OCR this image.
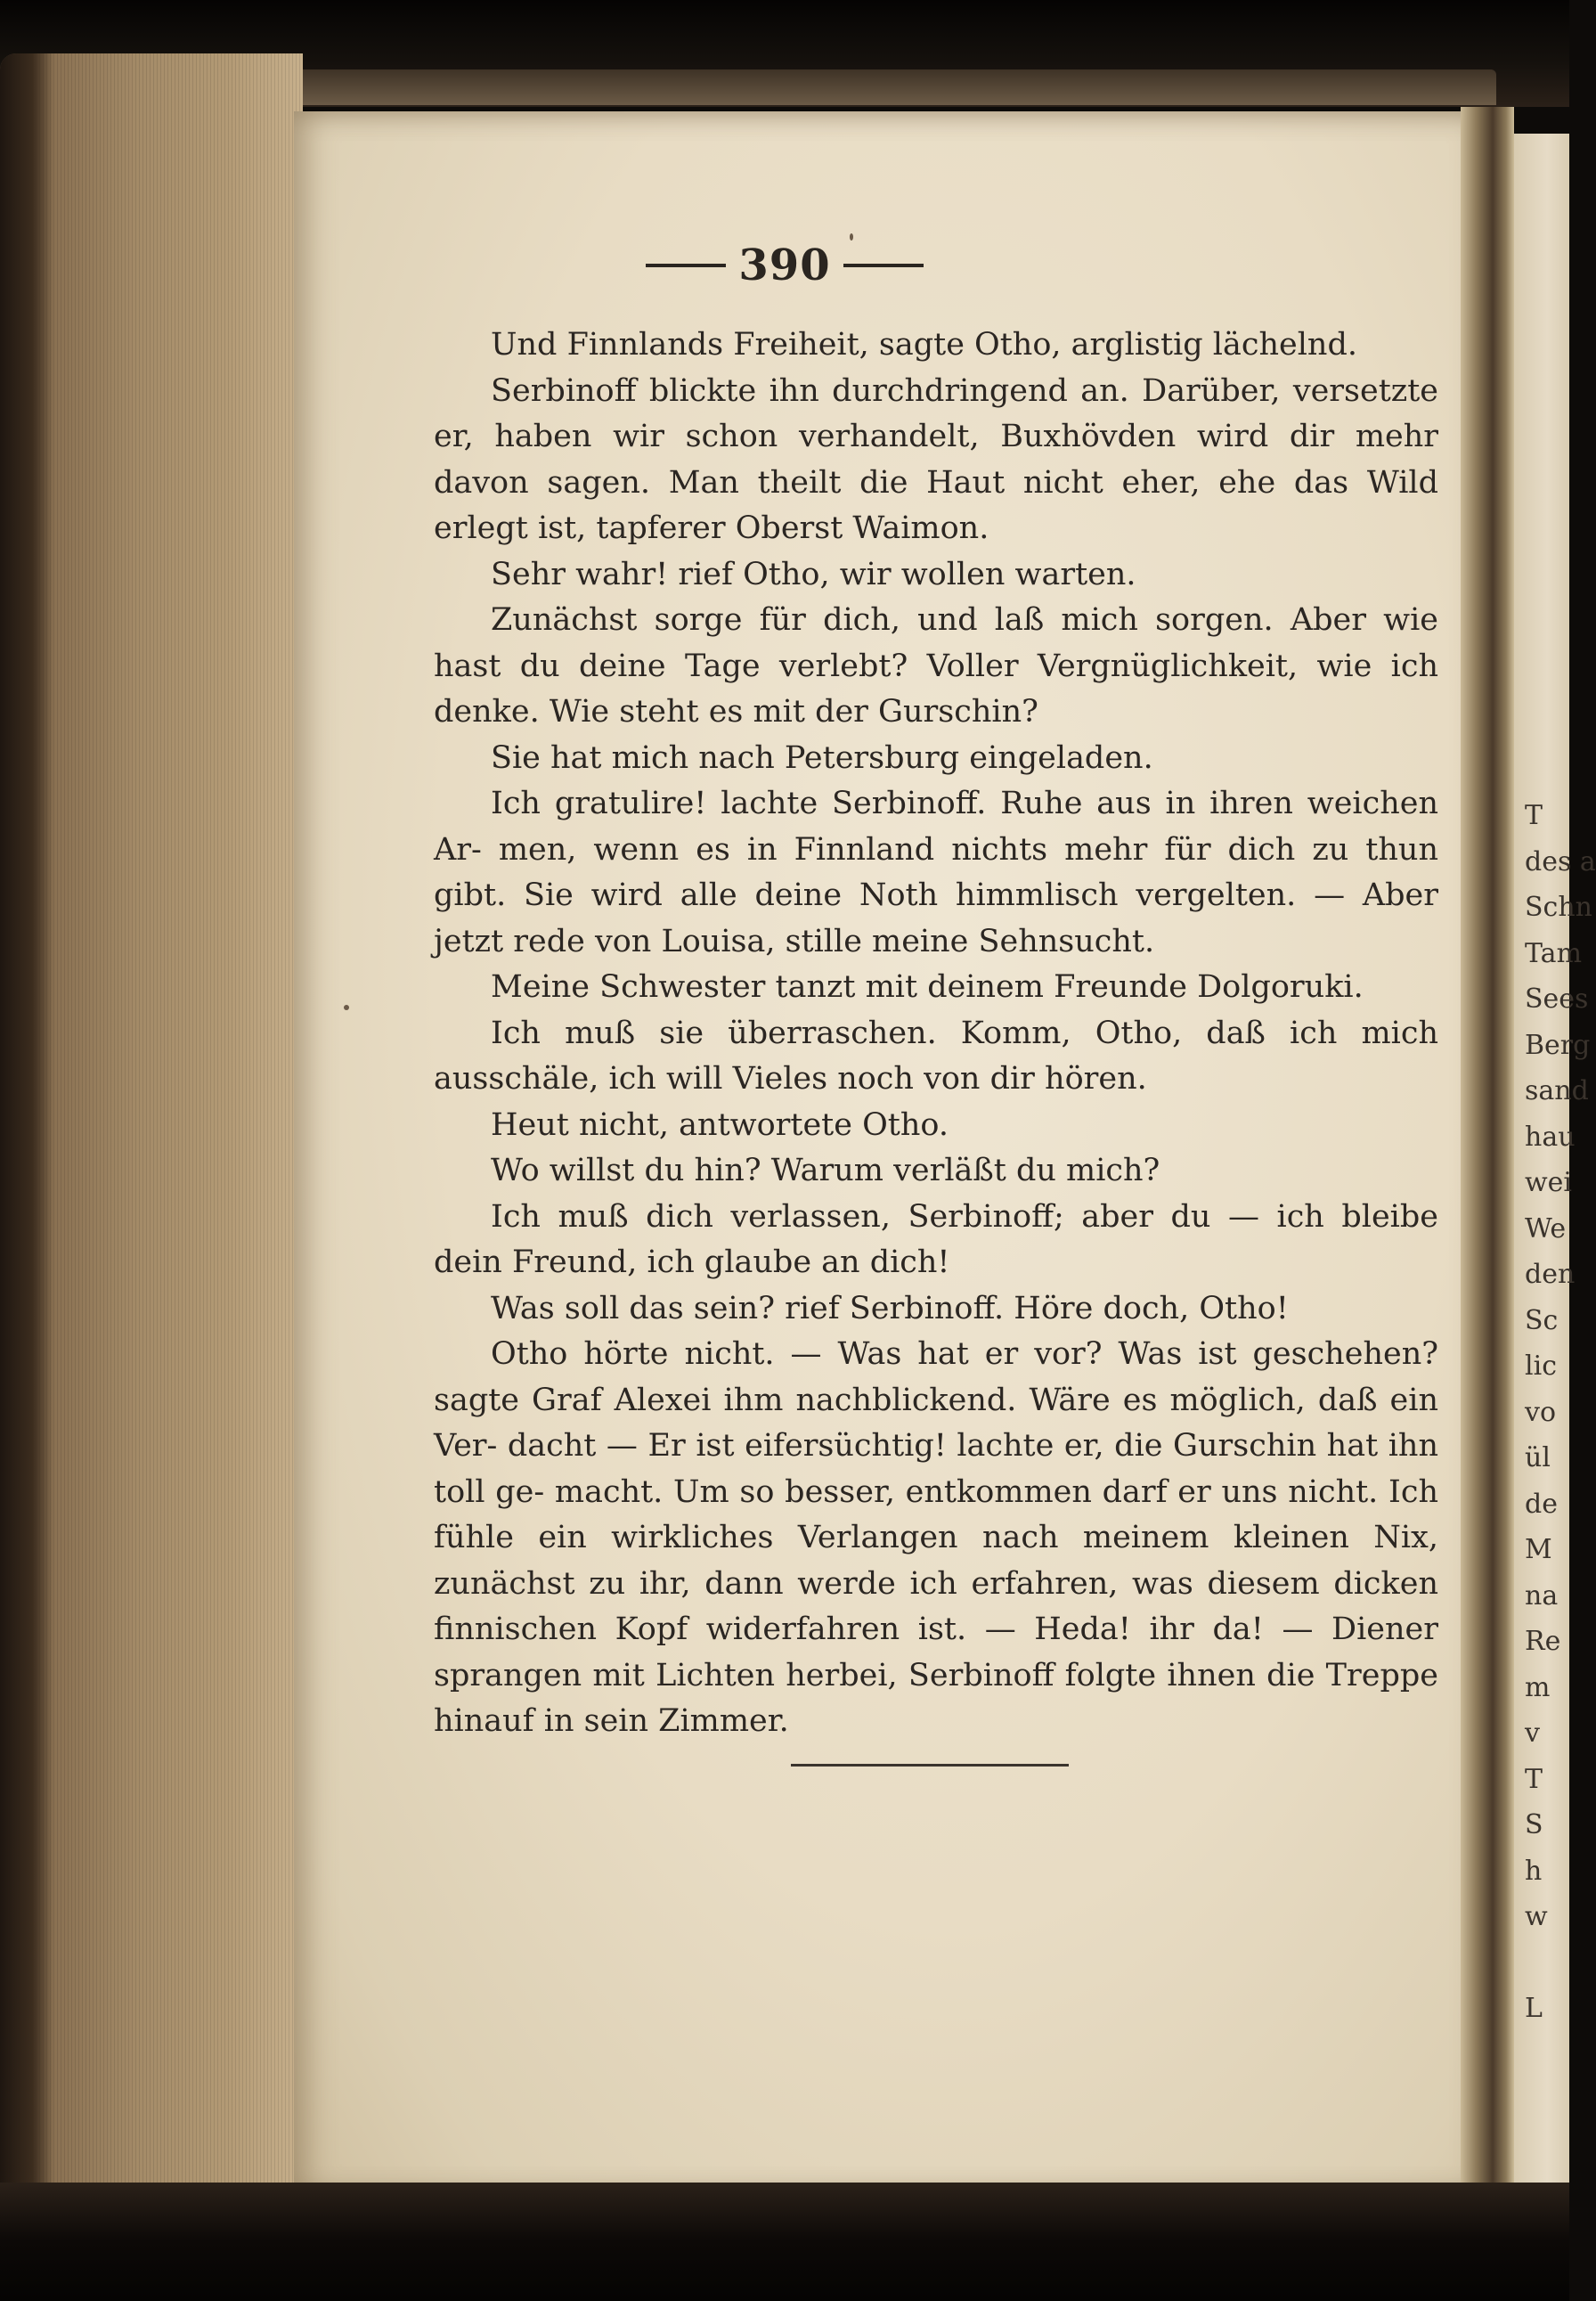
T
des a
Schn
Tam
Sees
Berg
sand
hau
wei
We
den
Sc
lic
vo
ül
de
M
na
Re
m
v
T
S
h
w

L
390

Und Finnlands Freiheit, sagte Otho, arglistig lächelnd.

Serbinoff blickte ihn durchdringend an. Darüber, versetzte er, haben wir schon verhandelt, Buxhövden wird dir mehr davon sagen. Man theilt die Haut nicht eher, ehe das Wild erlegt ist, tapferer Oberst Waimon.

Sehr wahr! rief Otho, wir wollen warten.

Zunächst sorge für dich, und laß mich sorgen. Aber wie hast du deine Tage verlebt? Voller Vergnüglichkeit, wie ich denke. Wie steht es mit der Gurschin?

Sie hat mich nach Petersburg eingeladen.

Ich gratulire! lachte Serbinoff. Ruhe aus in ihren weichen Ar- men, wenn es in Finnland nichts mehr für dich zu thun gibt. Sie wird alle deine Noth himmlisch vergelten. — Aber jetzt rede von Louisa, stille meine Sehnsucht.

Meine Schwester tanzt mit deinem Freunde Dolgoruki.

Ich muß sie überraschen. Komm, Otho, daß ich mich ausschäle, ich will Vieles noch von dir hören.

Heut nicht, antwortete Otho.

Wo willst du hin? Warum verläßt du mich?

Ich muß dich verlassen, Serbinoff; aber du — ich bleibe dein Freund, ich glaube an dich!

Was soll das sein? rief Serbinoff. Höre doch, Otho!

Otho hörte nicht. — Was hat er vor? Was ist geschehen? sagte Graf Alexei ihm nachblickend. Wäre es möglich, daß ein Ver- dacht — Er ist eifersüchtig! lachte er, die Gurschin hat ihn toll ge- macht. Um so besser, entkommen darf er uns nicht. Ich fühle ein wirkliches Verlangen nach meinem kleinen Nix, zunächst zu ihr, dann werde ich erfahren, was diesem dicken finnischen Kopf widerfahren ist. — Heda! ihr da! — Diener sprangen mit Lichten herbei, Serbinoff folgte ihnen die Treppe hinauf in sein Zimmer.
